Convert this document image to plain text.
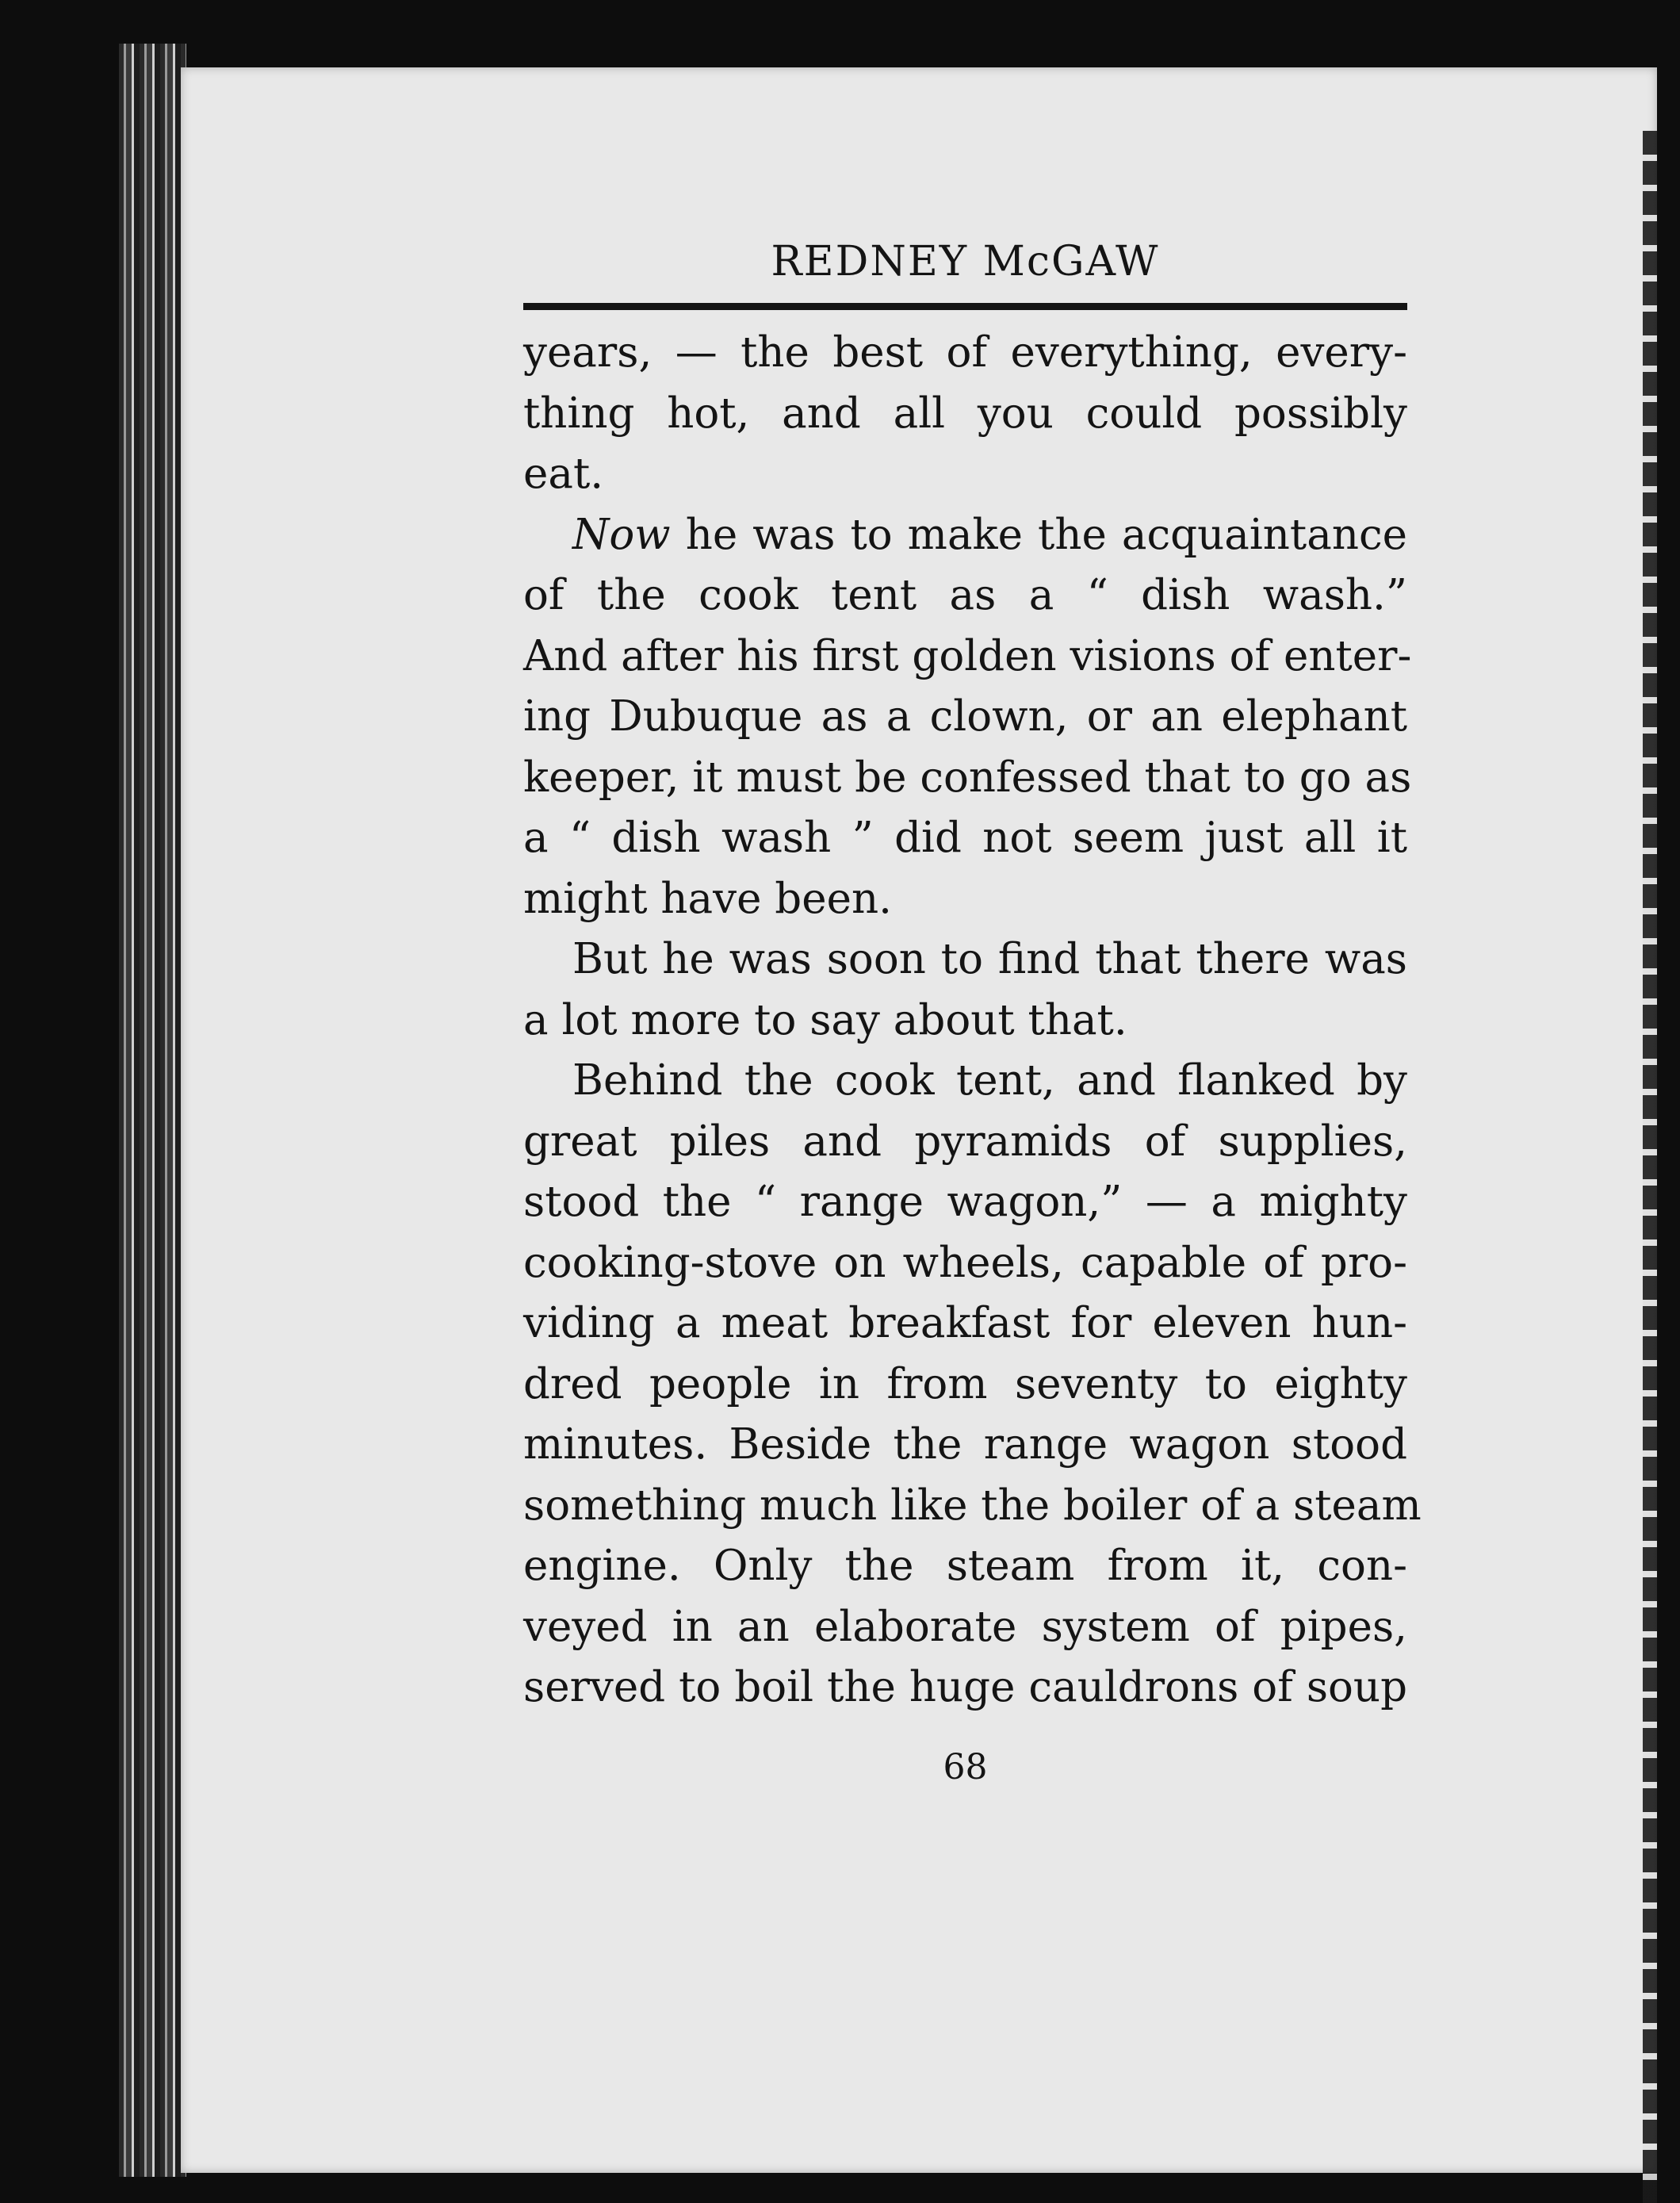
REDNEY McGAW

years, — the best of everything, every-
thing hot, and all you could possibly
eat.

Now he was to make the acquaintance
of the cook tent as a “ dish wash.”
And after his first golden visions of enter-
ing Dubuque as a clown, or an elephant
keeper, it must be confessed that to go as
a “ dish wash ” did not seem just all it
might have been.

But he was soon to find that there was
a lot more to say about that.

Behind the cook tent, and flanked by
great piles and pyramids of supplies,
stood the “ range wagon,” — a mighty
cooking-stove on wheels, capable of pro-
viding a meat breakfast for eleven hun-
dred people in from seventy to eighty
minutes. Beside the range wagon stood
something much like the boiler of a steam
engine. Only the steam from it, con-
veyed in an elaborate system of pipes,
served to boil the huge cauldrons of soup

68
